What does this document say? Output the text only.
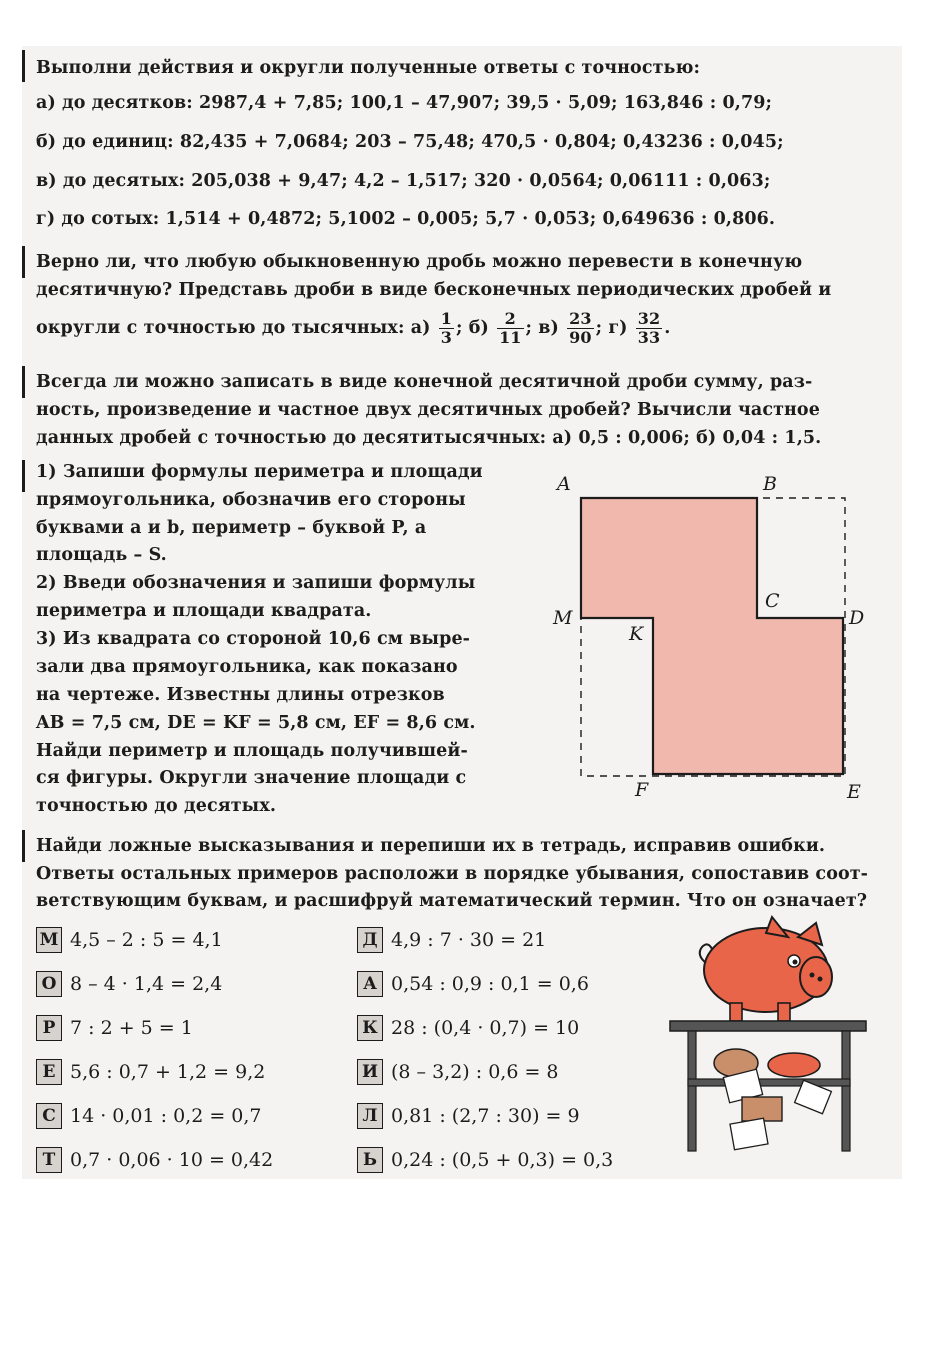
Выполни действия и округли полученные ответы с точностью:
а) до десятков: 2987,4 + 7,85; 100,1 – 47,907; 39,5 · 5,09; 163,846 : 0,79;
б) до единиц: 82,435 + 7,0684; 203 – 75,48; 470,5 · 0,804; 0,43236 : 0,045;
в) до десятых: 205,038 + 9,47; 4,2 – 1,517; 320 · 0,0564; 0,06111 : 0,063;
г) до сотых: 1,514 + 0,4872; 5,1002 – 0,005; 5,7 · 0,053; 0,649636 : 0,806.
Верно ли, что любую обыкновенную дробь можно перевести в конечную
десятичную? Представь дроби в виде бесконечных периодических дробей и
округли с точностью до тысячных: $а) \frac{1}{3}$ ; $б) \frac{2}{11}$ ; $в) \frac{23}{90}$ ; $г) \frac{32}{33}$ .
Всегда ли можно записать в виде конечной десятичной дроби сумму, раз-
ность, произведение и частное двух десятичных дробей? Вычисли частное
данных дробей с точностью до десятитысячных: а) 0,5 : 0,006; б) 0,04 : 1,5.
1) Запиши формулы периметра и площади
прямоугольника, обозначив его стороны
буквами a и b, периметр – буквой P, а
площадь – S.
2) Введи обозначения и запиши формулы
периметра и площади квадрата.
3) Из квадрата со стороной 10,6 см выре-
зали два прямоугольника, как показано
на чертеже. Известны длины отрезков
AB = 7,5 см, DE = KF = 5,8 см, EF = 8,6 см.
Найди периметр и площадь получившей-
ся фигуры. Округли значение площади с
точностью до десятых.
A	B
C
D
M
K
F	E
Найди ложные высказывания и перепиши их в тетрадь, исправив ошибки.
Ответы остальных примеров расположи в порядке убывания, сопоставив соот-
ветствующим буквам, и расшифруй математический термин. Что он означает?
М 4,5 – 2 : 5 = 4,1
О 8 – 4 · 1,4 = 2,4
Р 7 : 2 + 5 = 1
Е 5,6 : 0,7 + 1,2 = 9,2
С 14 · 0,01 : 0,2 = 0,7
Т 0,7 · 0,06 · 10 = 0,42
Д 4,9 : 7 · 30 = 21
А 0,54 : 0,9 : 0,1 = 0,6
К 28 : (0,4 · 0,7) = 10
И (8 – 3,2) : 0,6 = 8
Л 0,81 : (2,7 : 30) = 9
Ь 0,24 : (0,5 + 0,3) = 0,3
